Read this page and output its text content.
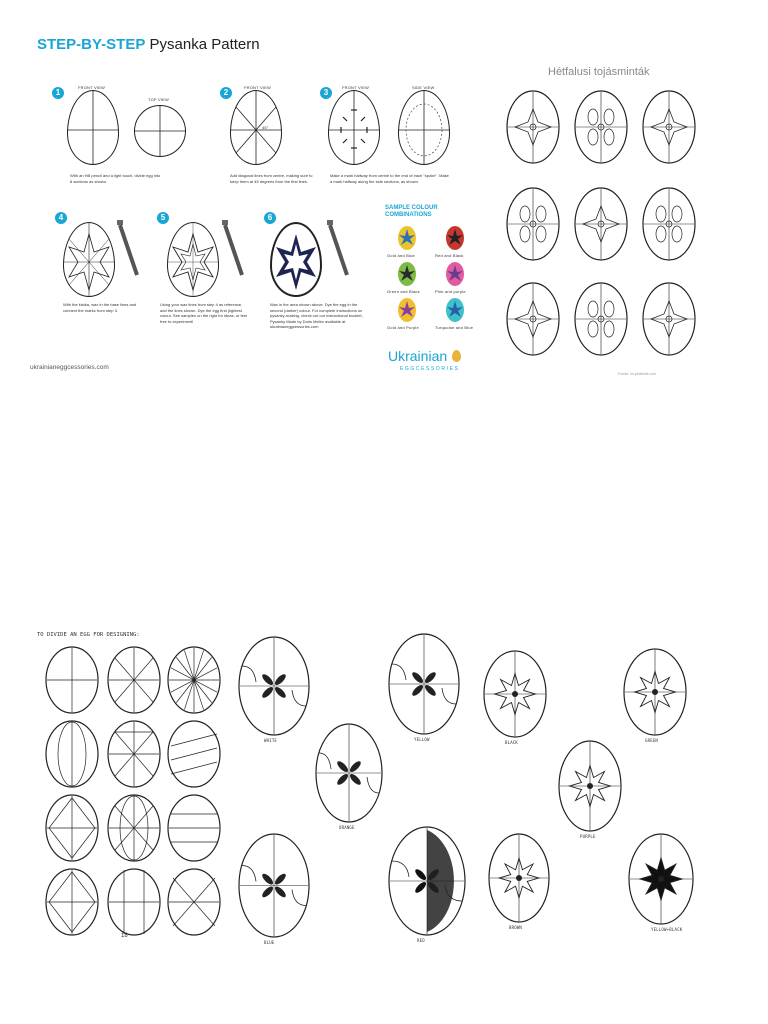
STEP-BY-STEP Pysanka Pattern
1
FRONT VIEW
TOP VIEW
With an HB pencil and a light touch, divide egg into 8 sections as shown.
2
FRONT VIEW
45°
Add diagonal lines from centre, making sure to keep them at 45 degrees from the first lines.
3
FRONT VIEW	SIDE VIEW
Make a mark halfway from centre to the end of each "spoke". Make a mark halfway along the side sections, as shown.
4
With the kistka, wax in the base lines and connect the marks from step 3.
5
Using your wax lines from step 4 as reference, add the lines shown. Dye the egg first (lightest colour. See samples on the right for ideas, or feel free to experiment!
6
Wax in the area shown above. Dye the egg in the second (darker) colour. For complete instructions on pysanky-making, check out our instructional booklet, Pysanky Made by Doris Mellor available at ukrainianeggcessories.com
SAMPLE COLOUR COMBINATIONS
Gold and Blue	Red and Black
Green and Black	Pink and purple
Gold and Purple	Turquoise and Blue
Ukrainian
EGGCESSORIES
ukrainianeggcessories.com
Hétfalusi tojásminták
Forrás: hu.pinterest.com
TO DIVIDE AN EGG FOR DESIGNING:
18
WHITE	YELLOW
BLACK	GREEN
ORANGE
PURPLE
BLUE	RED
BROWN	YELLOW+BLACK
